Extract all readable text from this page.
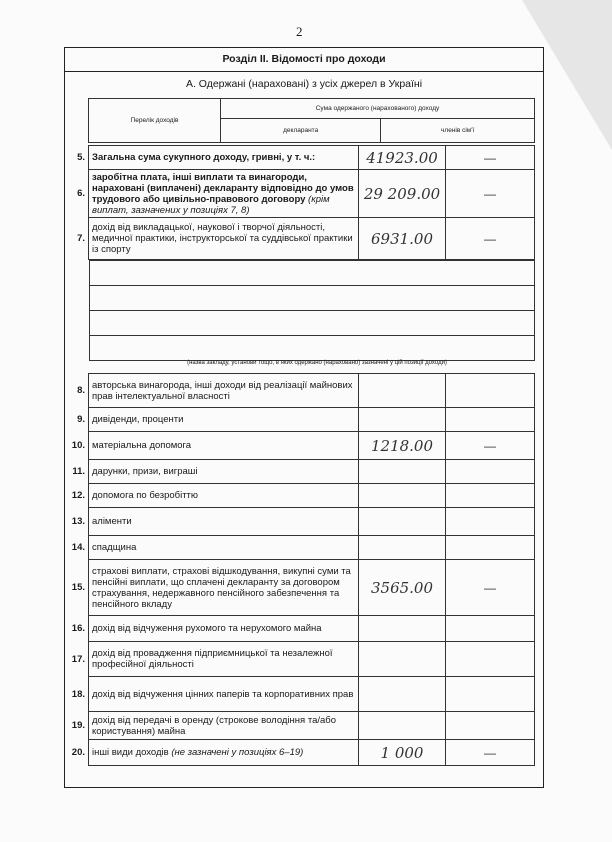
2
Розділ ІІ. Відомості про доходи
А. Одержані (нараховані) з усіх джерел в Україні
	Перелік доходів	Сума одержаного (нарахованого) доходу	
		декларанта	членів сім'ї
5.	Загальна сума сукупного доходу, гривні, у т. ч.:	41923.00	—
6.	заробітна плата, інші виплати та винагороди, нараховані (виплачені) декларанту відповідно до умов трудового або цивільно-правового договору (крім виплат, зазначених у позиціях 7, 8)	29 209.00	—
7.	дохід від викладацької, наукової і творчої діяльності, медичної практики, інструкторської та суддівської практики із спорту	6931.00	—

(назва закладу, установи тощо, в яких одержано (нараховано) зазначені у цій позиції доходи)
8.	авторська винагорода, інші доходи від реалізації майнових прав інтелектуальної власності		
9.	дивіденди, проценти		
10.	матеріальна допомога	1218.00	—
11.	дарунки, призи, виграші		
12.	допомога по безробіттю		
13.	аліменти		
14.	спадщина		
15.	страхові виплати, страхові відшкодування, викупні суми та пенсійні виплати, що сплачені декларанту за договором страхування, недержавного пенсійного забезпечення та пенсійного вкладу	3565.00	—
16.	дохід від відчуження рухомого та нерухомого майна		
17.	дохід від провадження підприємницької та незалежної професійної діяльності		
18.	дохід від відчуження цінних паперів та корпоративних прав		
19.	дохід від передачі в оренду (строкове володіння та/або користування) майна		
20.	інші види доходів (не зазначені у позиціях 6–19)	1 000	—
